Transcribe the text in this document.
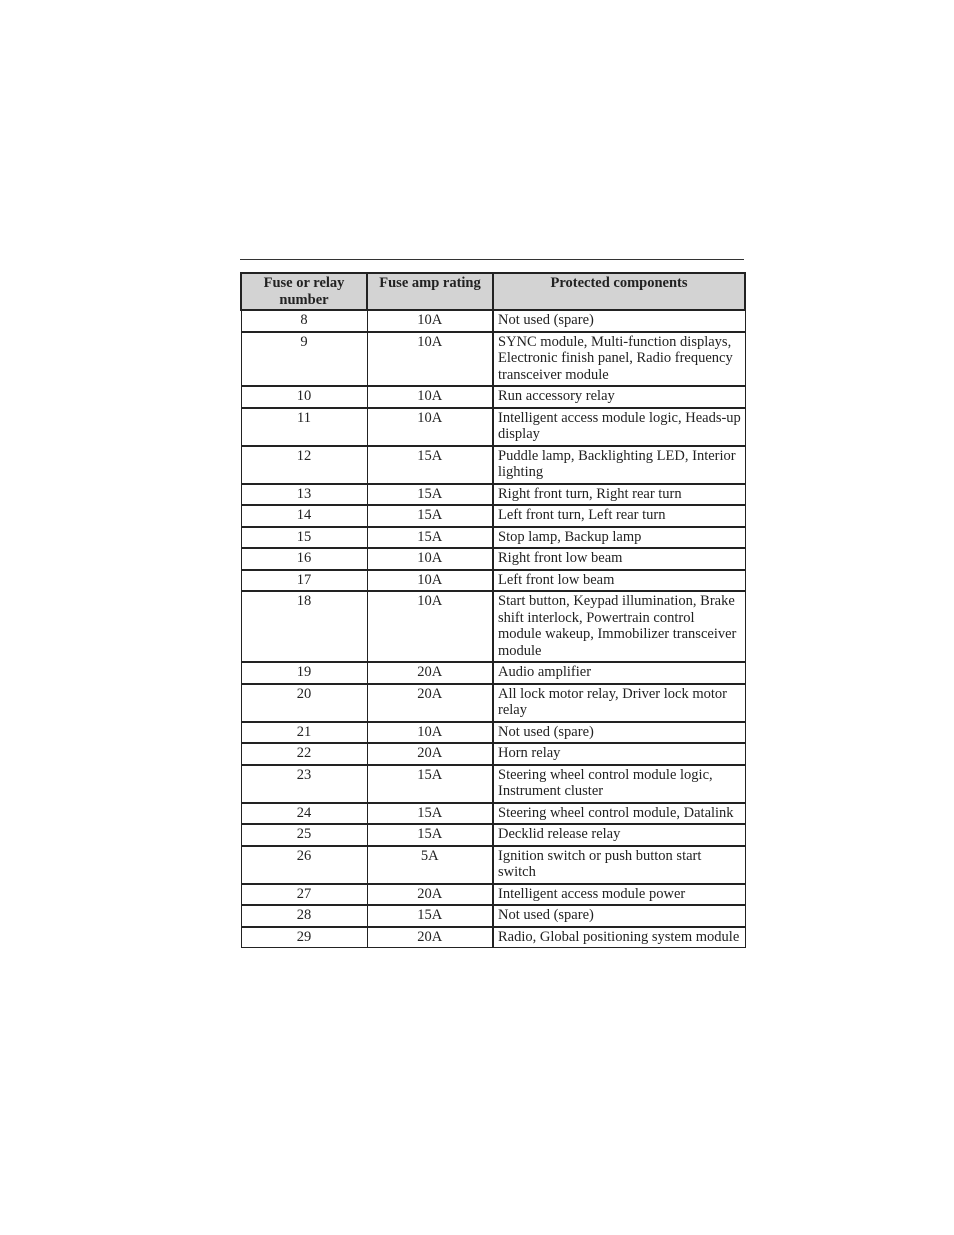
Fuse or relay number	Fuse amp rating	Protected components
8	10A	Not used (spare)
9	10A	SYNC module, Multi-function displays, Electronic finish panel, Radio frequency transceiver module
10	10A	Run accessory relay
11	10A	Intelligent access module logic, Heads-up display
12	15A	Puddle lamp, Backlighting LED, Interior lighting
13	15A	Right front turn, Right rear turn
14	15A	Left front turn, Left rear turn
15	15A	Stop lamp, Backup lamp
16	10A	Right front low beam
17	10A	Left front low beam
18	10A	Start button, Keypad illumination, Brake shift interlock, Powertrain control module wakeup, Immobilizer transceiver module
19	20A	Audio amplifier
20	20A	All lock motor relay, Driver lock motor relay
21	10A	Not used (spare)
22	20A	Horn relay
23	15A	Steering wheel control module logic, Instrument cluster
24	15A	Steering wheel control module, Datalink
25	15A	Decklid release relay
26	5A	Ignition switch or push button start switch
27	20A	Intelligent access module power
28	15A	Not used (spare)
29	20A	Radio, Global positioning system module
